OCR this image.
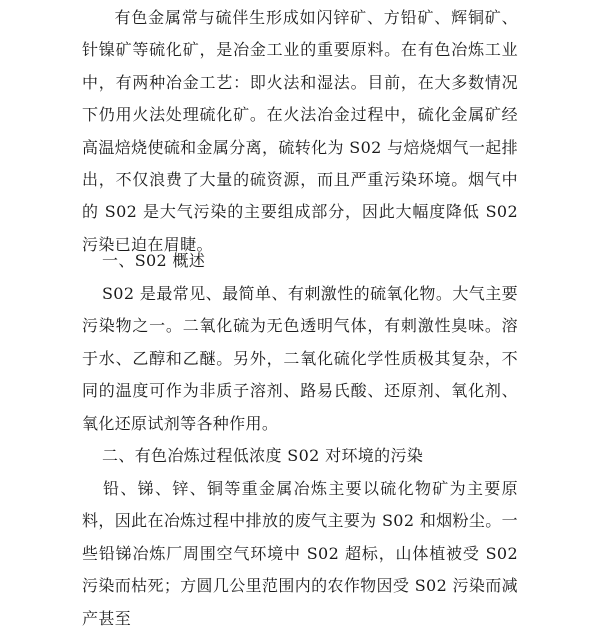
有色金属常与硫伴生形成如闪锌矿、方铅矿、辉铜矿、针镍矿等硫化矿，是冶金工业的重要原料。在有色冶炼工业中，有两种冶金工艺：即火法和湿法。目前，在大多数情况下仍用火法处理硫化矿。在火法冶金过程中，硫化金属矿经高温焙烧使硫和金属分离，硫转化为 S02 与焙烧烟气一起排出，不仅浪费了大量的硫资源，而且严重污染环境。烟气中的 S02 是大气污染的主要组成部分，因此大幅度降低 S02 污染已迫在眉睫。

一、S02 概述

S02 是最常见、最简单、有刺激性的硫氧化物。大气主要污染物之一。二氧化硫为无色透明气体，有刺激性臭味。溶于水、乙醇和乙醚。另外，二氧化硫化学性质极其复杂，不同的温度可作为非质子溶剂、路易氏酸、还原剂、氧化剂、氧化还原试剂等各种作用。

二、有色冶炼过程低浓度 S02 对环境的污染

铅、锑、锌、铜等重金属冶炼主要以硫化物矿为主要原料，因此在冶炼过程中排放的废气主要为 S02 和烟粉尘。一些铅锑冶炼厂周围空气环境中 S02 超标，山体植被受 S02 污染而枯死；方圆几公里范围内的农作物因受 S02 污染而减产甚至
